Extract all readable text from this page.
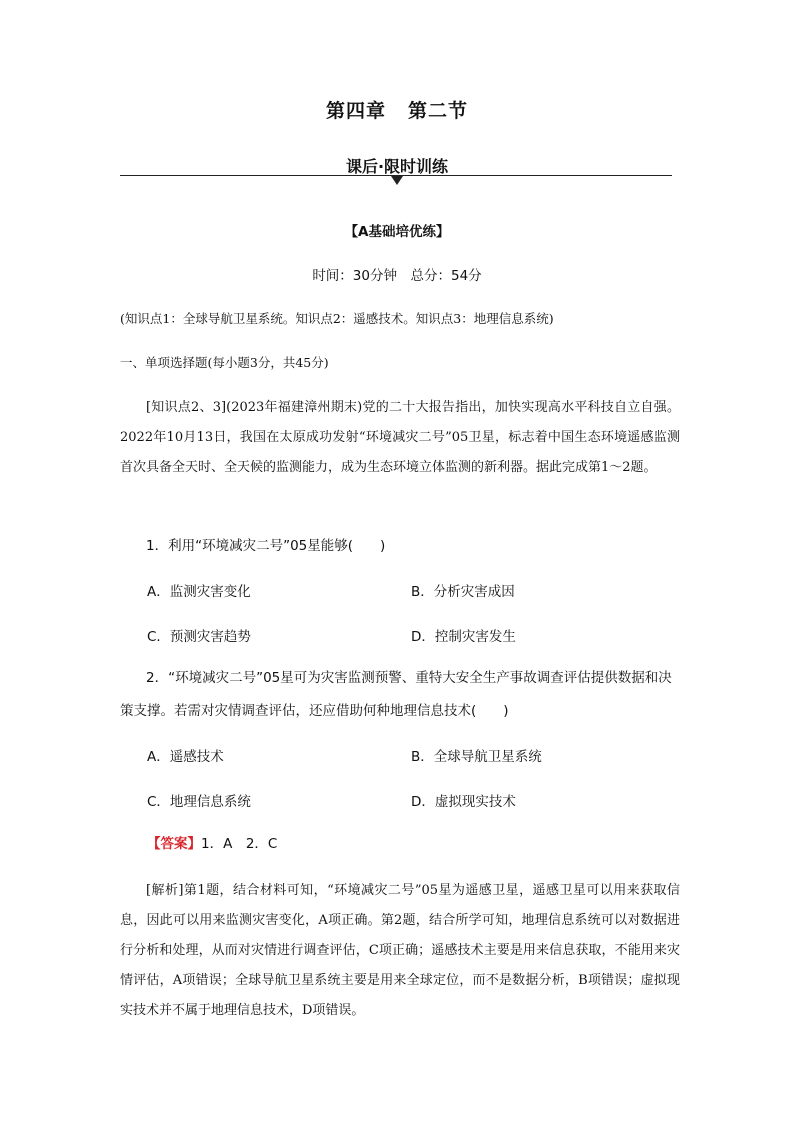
第四章 第二节
课后·限时训练
【A基础培优练】
时间：30分钟　总分：54分
(知识点1：全球导航卫星系统。知识点2：遥感技术。知识点3：地理信息系统)
一、单项选择题(每小题3分，共45分)
[知识点2、3](2023年福建漳州期末)党的二十大报告指出，加快实现高水平科技自立自强。2022年10月13日，我国在太原成功发射“环境减灾二号”05卫星，标志着中国生态环境遥感监测首次具备全天时、全天候的监测能力，成为生态环境立体监测的新利器。据此完成第1～2题。
1．利用“环境减灾二号”05星能够(　　)
A．监测灾害变化	B．分析灾害成因
C．预测灾害趋势	D．控制灾害发生
2．“环境减灾二号”05星可为灾害监测预警、重特大安全生产事故调查评估提供数据和决策支撑。若需对灾情调查评估，还应借助何种地理信息技术(　　)
A．遥感技术	B．全球导航卫星系统
C．地理信息系统	D．虚拟现实技术
【答案】1．A　2．C
[解析]第1题，结合材料可知，“环境减灾二号”05星为遥感卫星，遥感卫星可以用来获取信息，因此可以用来监测灾害变化，A项正确。第2题，结合所学可知，地理信息系统可以对数据进行分析和处理，从而对灾情进行调查评估，C项正确；遥感技术主要是用来信息获取，不能用来灾情评估，A项错误；全球导航卫星系统主要是用来全球定位，而不是数据分析，B项错误；虚拟现实技术并不属于地理信息技术，D项错误。
